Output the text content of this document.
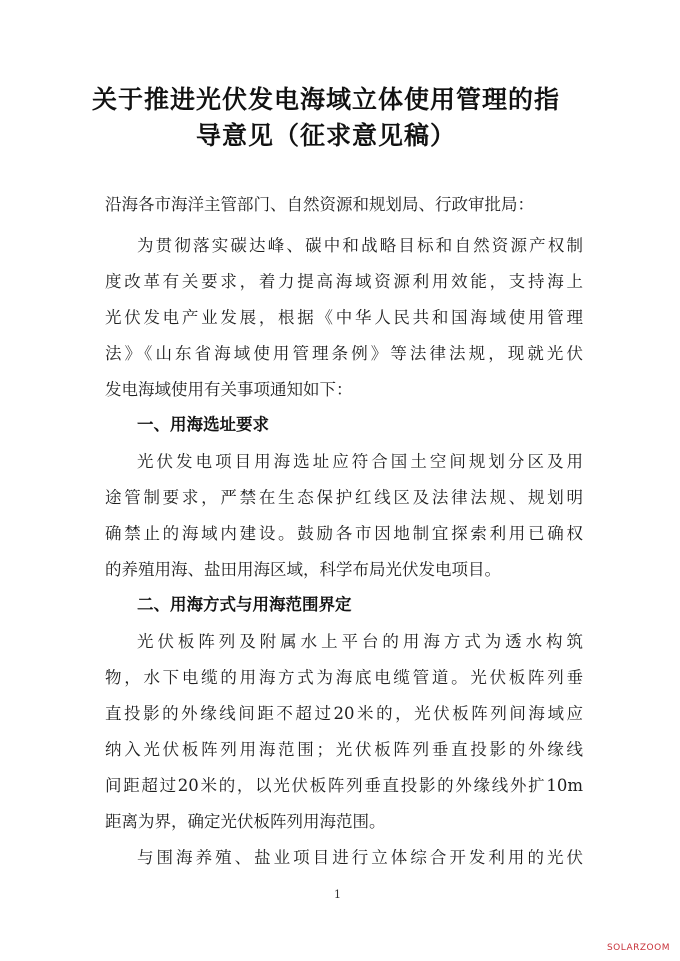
关于推进光伏发电海域立体使用管理的指
导意见（征求意见稿）
沿海各市海洋主管部门、自然资源和规划局、行政审批局：
为贯彻落实碳达峰、碳中和战略目标和自然资源产权制
度改革有关要求，着力提高海域资源利用效能，支持海上
光伏发电产业发展，根据《中华人民共和国海域使用管理
法》《山东省海域使用管理条例》等法律法规，现就光伏
发电海域使用有关事项通知如下：
一、用海选址要求
光伏发电项目用海选址应符合国土空间规划分区及用
途管制要求，严禁在生态保护红线区及法律法规、规划明
确禁止的海域内建设。鼓励各市因地制宜探索利用已确权
的养殖用海、盐田用海区域，科学布局光伏发电项目。
二、用海方式与用海范围界定
光伏板阵列及附属水上平台的用海方式为透水构筑
物，水下电缆的用海方式为海底电缆管道。光伏板阵列垂
直投影的外缘线间距不超过20米的，光伏板阵列间海域应
纳入光伏板阵列用海范围；光伏板阵列垂直投影的外缘线
间距超过20米的，以光伏板阵列垂直投影的外缘线外扩10m
距离为界，确定光伏板阵列用海范围。
与围海养殖、盐业项目进行立体综合开发利用的光伏
1
SOLARZOOM
